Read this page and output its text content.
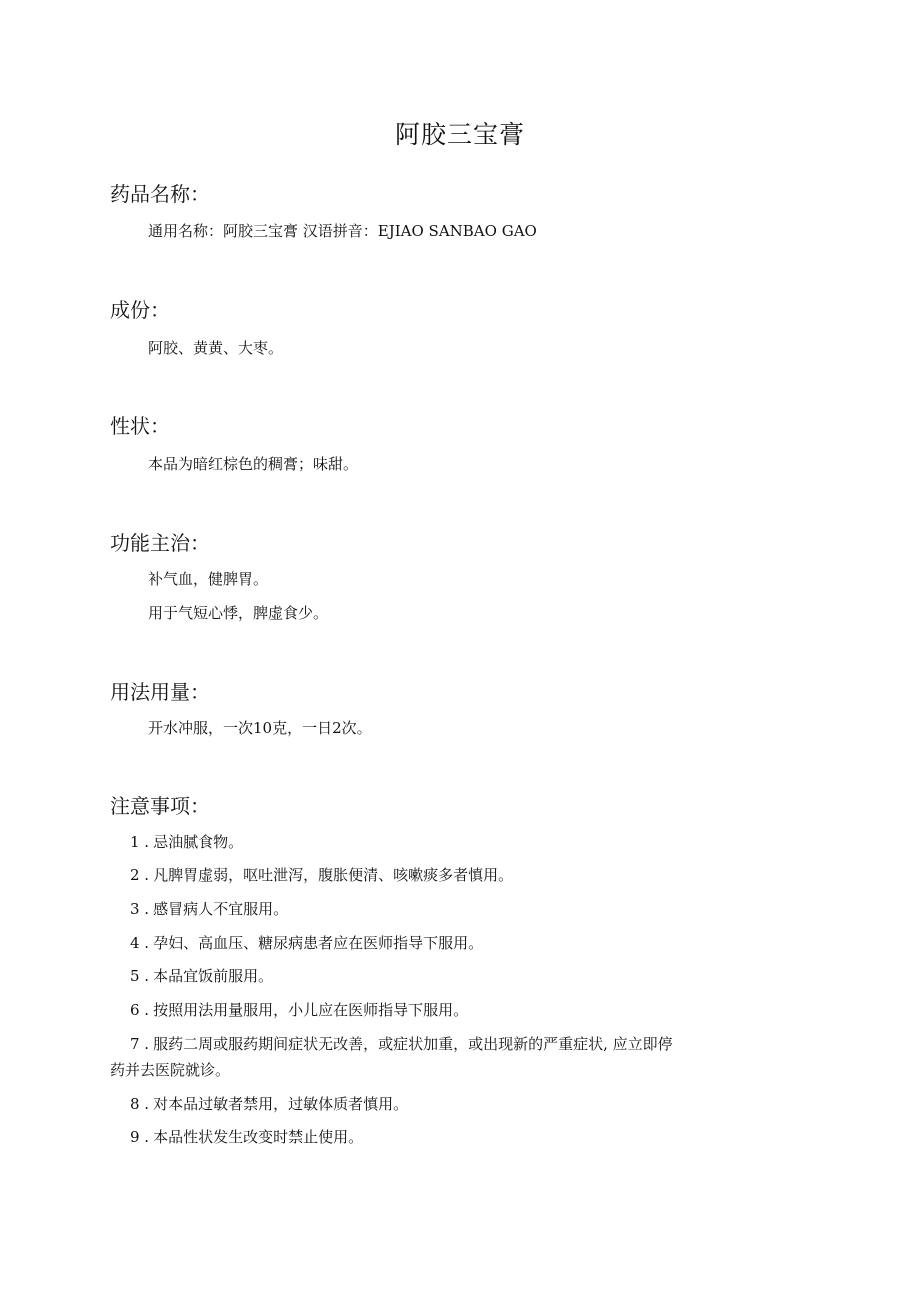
阿胶三宝膏
药品名称：
通用名称：阿胶三宝膏 汉语拼音：EJIAO SANBAO GAO
成份：
阿胶、黄黄、大枣。
性状：
本品为暗红棕色的稠膏；味甜。
功能主治：
补气血，健脾胃。
用于气短心悸，脾虚食少。
用法用量：
开水冲服，一次10克，一日2次。
注意事项：
1 . 忌油腻食物。
2 . 凡脾胃虚弱，呕吐泄泻，腹胀便清、咳嗽痰多者慎用。
3 . 感冒病人不宜服用。
4 . 孕妇、高血压、糖尿病患者应在医师指导下服用。
5 . 本品宜饭前服用。
6 . 按照用法用量服用，小儿应在医师指导下服用。
7 . 服药二周或服药期间症状无改善，或症状加重，或出现新的严重症状, 应立即停
药并去医院就诊。
8 . 对本品过敏者禁用，过敏体质者慎用。
9 . 本品性状发生改变时禁止使用。
